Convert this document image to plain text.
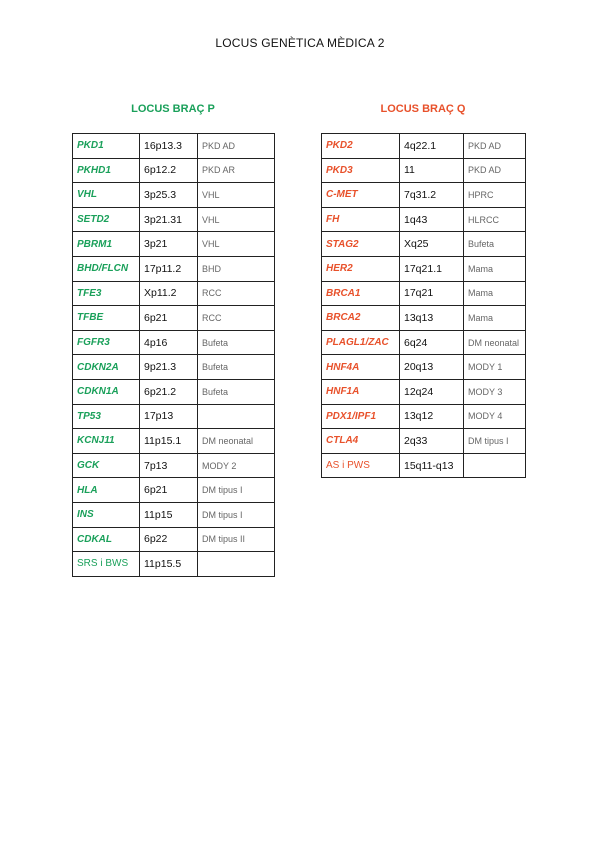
LOCUS GENÈTICA MÈDICA 2
LOCUS BRAÇ P	LOCUS BRAÇ Q
PKD1	16p13.3	PKD AD
PKHD1	6p12.2	PKD AR
VHL	3p25.3	VHL
SETD2	3p21.31	VHL
PBRM1	3p21	VHL
BHD/FLCN	17p11.2	BHD
TFE3	Xp11.2	RCC
TFBE	6p21	RCC
FGFR3	4p16	Bufeta
CDKN2A	9p21.3	Bufeta
CDKN1A	6p21.2	Bufeta
TP53	17p13	
KCNJ11	11p15.1	DM neonatal
GCK	7p13	MODY 2
HLA	6p21	DM tipus I
INS	11p15	DM tipus I
CDKAL	6p22	DM tipus II
SRS i BWS	11p15.5	
PKD2	4q22.1	PKD AD
PKD3	11	PKD AD
C-MET	7q31.2	HPRC
FH	1q43	HLRCC
STAG2	Xq25	Bufeta
HER2	17q21.1	Mama
BRCA1	17q21	Mama
BRCA2	13q13	Mama
PLAGL1/ZAC	6q24	DM neonatal
HNF4A	20q13	MODY 1
HNF1A	12q24	MODY 3
PDX1/IPF1	13q12	MODY 4
CTLA4	2q33	DM tipus I
AS i PWS	15q11-q13	
